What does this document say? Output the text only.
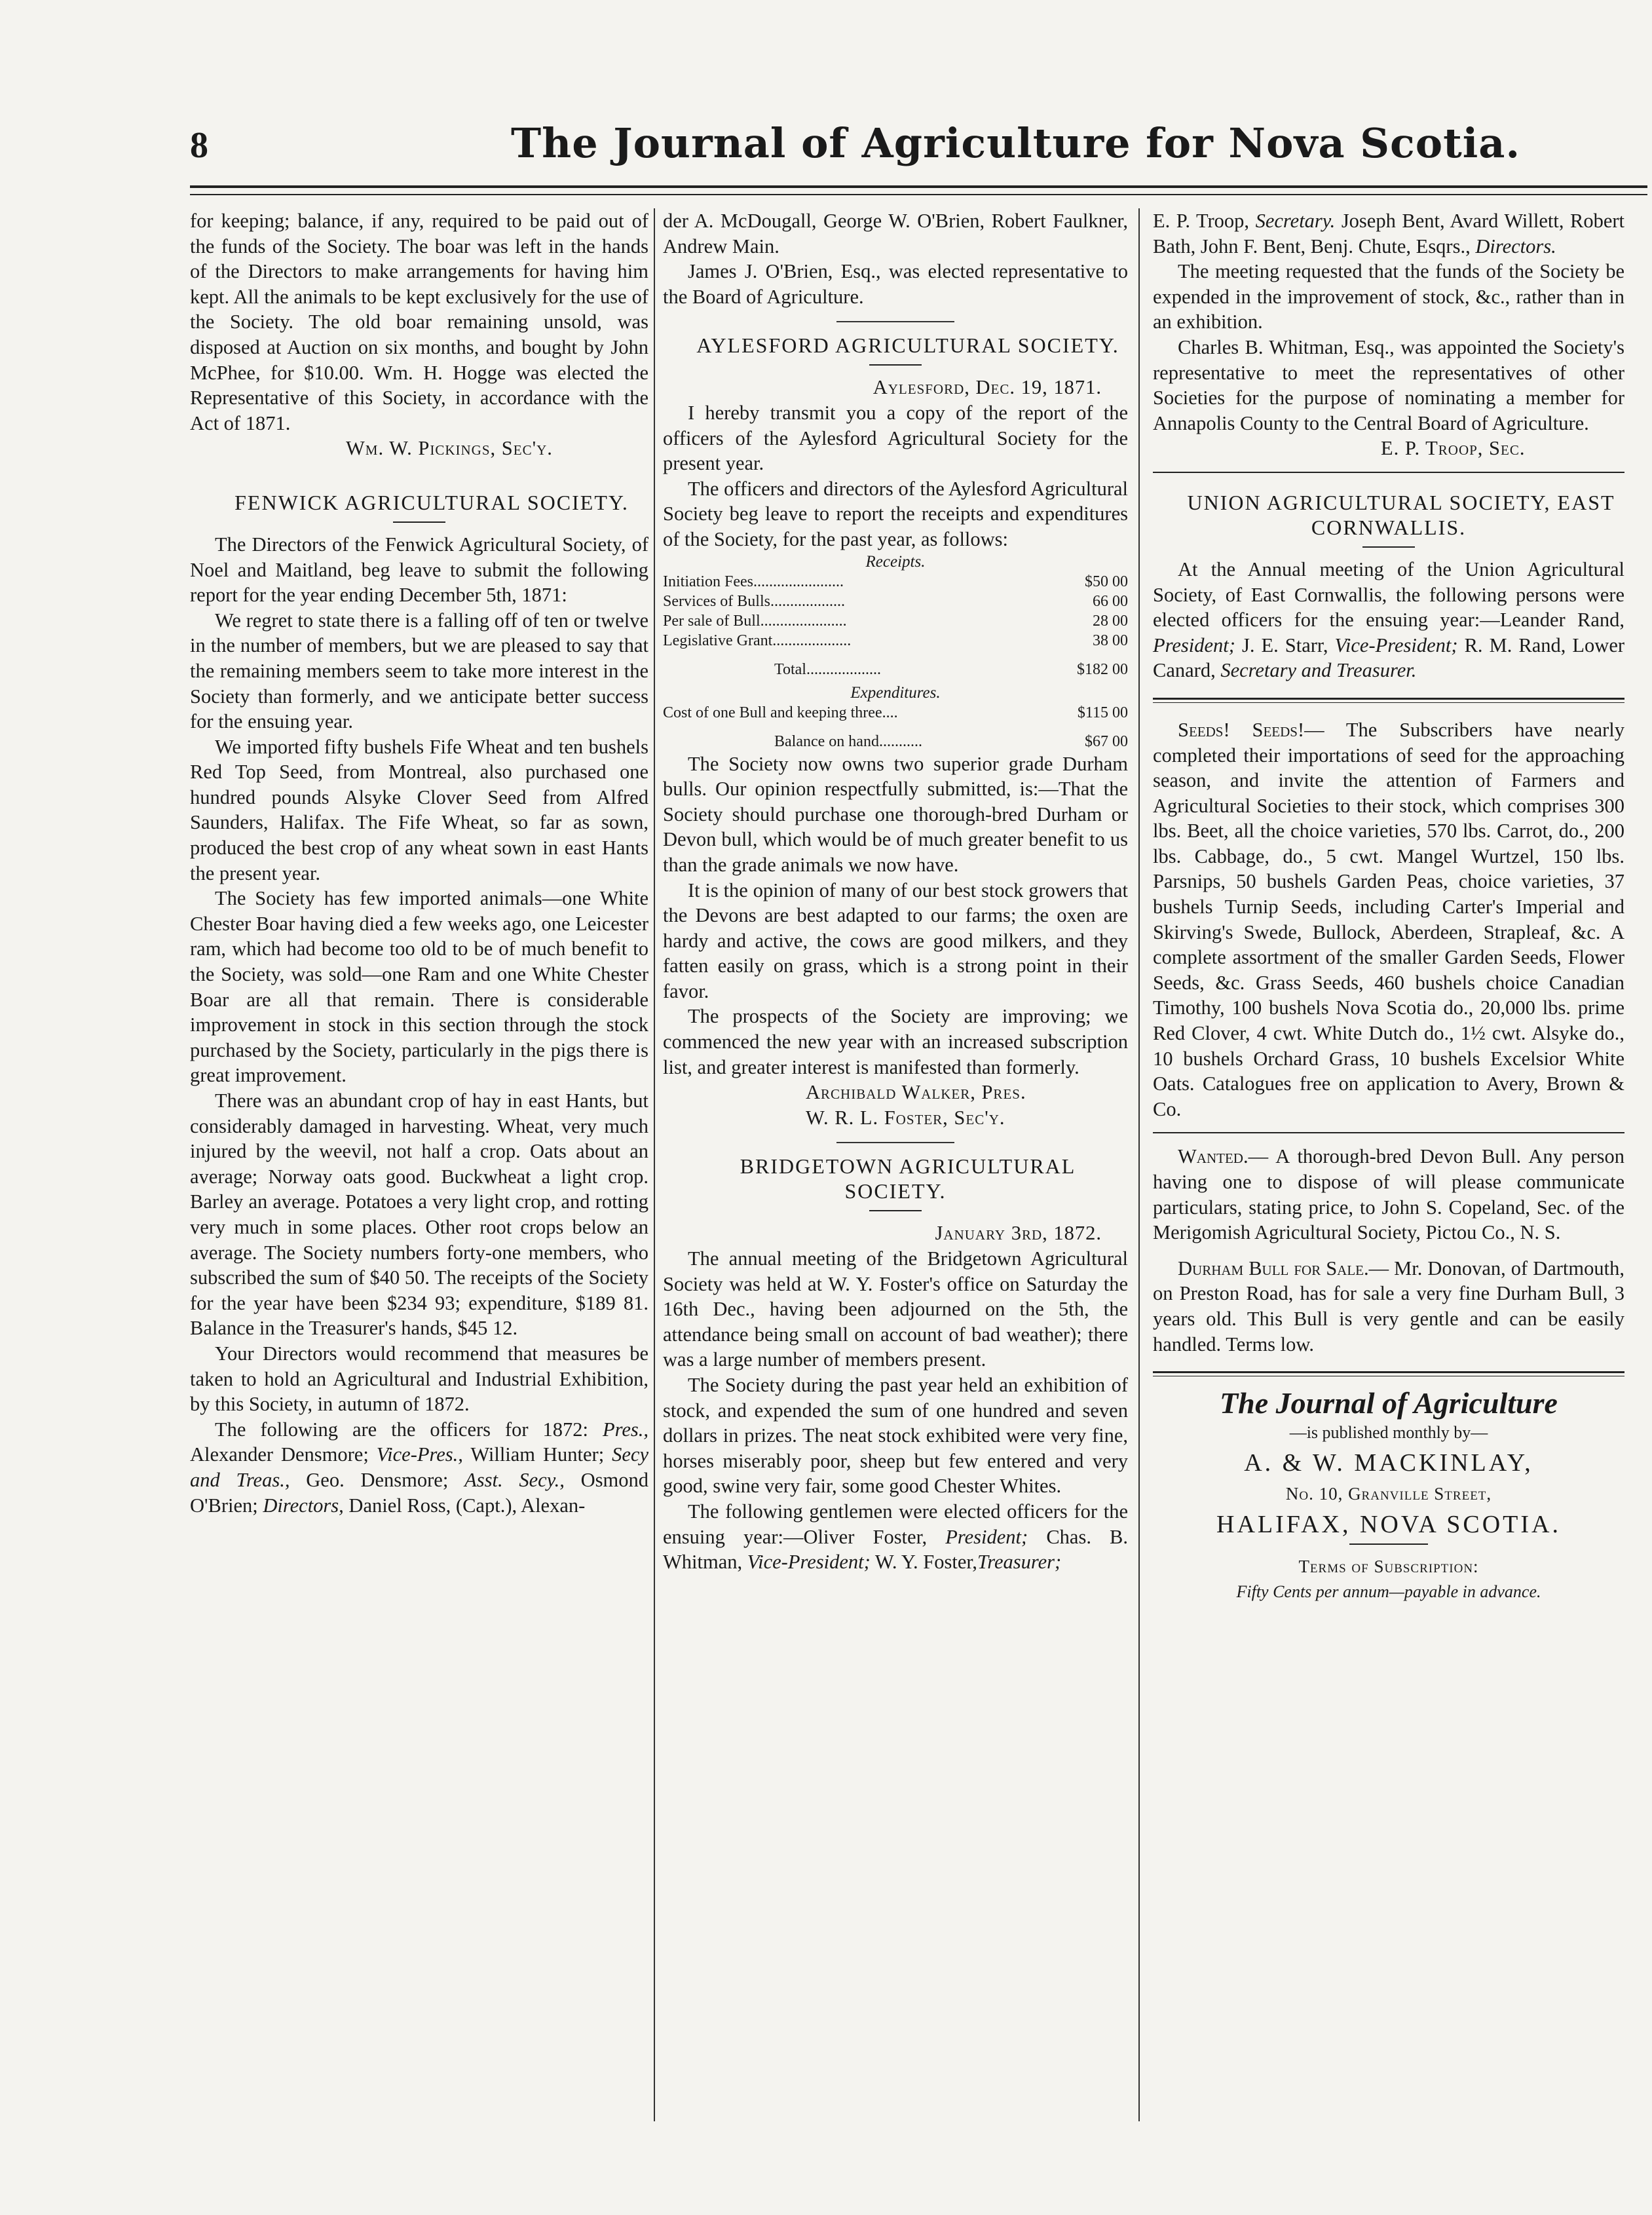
8	The Journal of Agriculture for Nova Scotia.

for keeping; balance, if any, required to be paid out of the funds of the Society. The boar was left in the hands of the Directors to make arrangements for having him kept. All the animals to be kept exclusively for the use of the Society. The old boar remaining unsold, was disposed at Auction on six months, and bought by John McPhee, for $10.00. Wm. H. Hogge was elected the Representative of this Society, in accordance with the Act of 1871.

Wm. W. Pickings, Sec'y.

FENWICK AGRICULTURAL SOCIETY.

The Directors of the Fenwick Agricultural Society, of Noel and Maitland, beg leave to submit the following report for the year ending December 5th, 1871:

We regret to state there is a falling off of ten or twelve in the number of members, but we are pleased to say that the remaining members seem to take more interest in the Society than formerly, and we anticipate better success for the ensuing year.

We imported fifty bushels Fife Wheat and ten bushels Red Top Seed, from Montreal, also purchased one hundred pounds Alsyke Clover Seed from Alfred Saunders, Halifax. The Fife Wheat, so far as sown, produced the best crop of any wheat sown in east Hants the present year.

The Society has few imported animals—one White Chester Boar having died a few weeks ago, one Leicester ram, which had become too old to be of much benefit to the Society, was sold—one Ram and one White Chester Boar are all that remain. There is considerable improvement in stock in this section through the stock purchased by the Society, particularly in the pigs there is great improvement.

There was an abundant crop of hay in east Hants, but considerably damaged in harvesting. Wheat, very much injured by the weevil, not half a crop. Oats about an average; Norway oats good. Buckwheat a light crop. Barley an average. Potatoes a very light crop, and rotting very much in some places. Other root crops below an average. The Society numbers forty-one members, who subscribed the sum of $40 50. The receipts of the Society for the year have been $234 93; expenditure, $189 81. Balance in the Treasurer's hands, $45 12.

Your Directors would recommend that measures be taken to hold an Agricultural and Industrial Exhibition, by this Society, in autumn of 1872.

The following are the officers for 1872: Pres., Alexander Densmore; Vice-Pres., William Hunter; Secy and Treas., Geo. Densmore; Asst. Secy., Osmond O'Brien; Directors, Daniel Ross, (Capt.), Alexan-

der A. McDougall, George W. O'Brien, Robert Faulkner, Andrew Main.

James J. O'Brien, Esq., was elected representative to the Board of Agriculture.

AYLESFORD AGRICULTURAL SOCIETY.

Aylesford, Dec. 19, 1871.

I hereby transmit you a copy of the report of the officers of the Aylesford Agricultural Society for the present year.

The officers and directors of the Aylesford Agricultural Society beg leave to report the receipts and expenditures of the Society, for the past year, as follows:

Receipts.
Initiation Fees.......................	$50 00
Services of Bulls...................	66 00
Per sale of Bull......................	28 00
Legislative Grant....................	38 00
Total...................	$182 00
Expenditures.
Cost of one Bull and keeping three....	$115 00
Balance on hand...........	$67 00

The Society now owns two superior grade Durham bulls. Our opinion respectfully submitted, is:—That the Society should purchase one thorough-bred Durham or Devon bull, which would be of much greater benefit to us than the grade animals we now have.

It is the opinion of many of our best stock growers that the Devons are best adapted to our farms; the oxen are hardy and active, the cows are good milkers, and they fatten easily on grass, which is a strong point in their favor.

The prospects of the Society are improving; we commenced the new year with an increased subscription list, and greater interest is manifested than formerly.

Archibald Walker, Pres.

W. R. L. Foster, Sec'y.

BRIDGETOWN AGRICULTURAL SOCIETY.

January 3rd, 1872.

The annual meeting of the Bridgetown Agricultural Society was held at W. Y. Foster's office on Saturday the 16th Dec., having been adjourned on the 5th, the attendance being small on account of bad weather); there was a large number of members present.

The Society during the past year held an exhibition of stock, and expended the sum of one hundred and seven dollars in prizes. The neat stock exhibited were very fine, horses miserably poor, sheep but few entered and very good, swine very fair, some good Chester Whites.

The following gentlemen were elected officers for the ensuing year:—Oliver Foster, President; Chas. B. Whitman, Vice-President; W. Y. Foster,Treasurer;

E. P. Troop, Secretary. Joseph Bent, Avard Willett, Robert Bath, John F. Bent, Benj. Chute, Esqrs., Directors.

The meeting requested that the funds of the Society be expended in the improvement of stock, &c., rather than in an exhibition.

Charles B. Whitman, Esq., was appointed the Society's representative to meet the representatives of other Societies for the purpose of nominating a member for Annapolis County to the Central Board of Agriculture.

E. P. Troop, Sec.

UNION AGRICULTURAL SOCIETY, EAST CORNWALLIS.

At the Annual meeting of the Union Agricultural Society, of East Cornwallis, the following persons were elected officers for the ensuing year:—Leander Rand, President; J. E. Starr, Vice-President; R. M. Rand, Lower Canard, Secretary and Treasurer.

Seeds! Seeds!— The Subscribers have nearly completed their importations of seed for the approaching season, and invite the attention of Farmers and Agricultural Societies to their stock, which comprises 300 lbs. Beet, all the choice varieties, 570 lbs. Carrot, do., 200 lbs. Cabbage, do., 5 cwt. Mangel Wurtzel, 150 lbs. Parsnips, 50 bushels Garden Peas, choice varieties, 37 bushels Turnip Seeds, including Carter's Imperial and Skirving's Swede, Bullock, Aberdeen, Strapleaf, &c. A complete assortment of the smaller Garden Seeds, Flower Seeds, &c. Grass Seeds, 460 bushels choice Canadian Timothy, 100 bushels Nova Scotia do., 20,000 lbs. prime Red Clover, 4 cwt. White Dutch do., 1½ cwt. Alsyke do., 10 bushels Orchard Grass, 10 bushels Excelsior White Oats. Catalogues free on application to Avery, Brown & Co.

Wanted.— A thorough-bred Devon Bull. Any person having one to dispose of will please communicate particulars, stating price, to John S. Copeland, Sec. of the Merigomish Agricultural Society, Pictou Co., N. S.

Durham Bull for Sale.— Mr. Donovan, of Dartmouth, on Preston Road, has for sale a very fine Durham Bull, 3 years old. This Bull is very gentle and can be easily handled. Terms low.

The Journal of Agriculture
—is published monthly by—
A. & W. MACKINLAY,
No. 10, Granville Street,
HALIFAX, NOVA SCOTIA.
Terms of Subscription:
Fifty Cents per annum—payable in advance.
